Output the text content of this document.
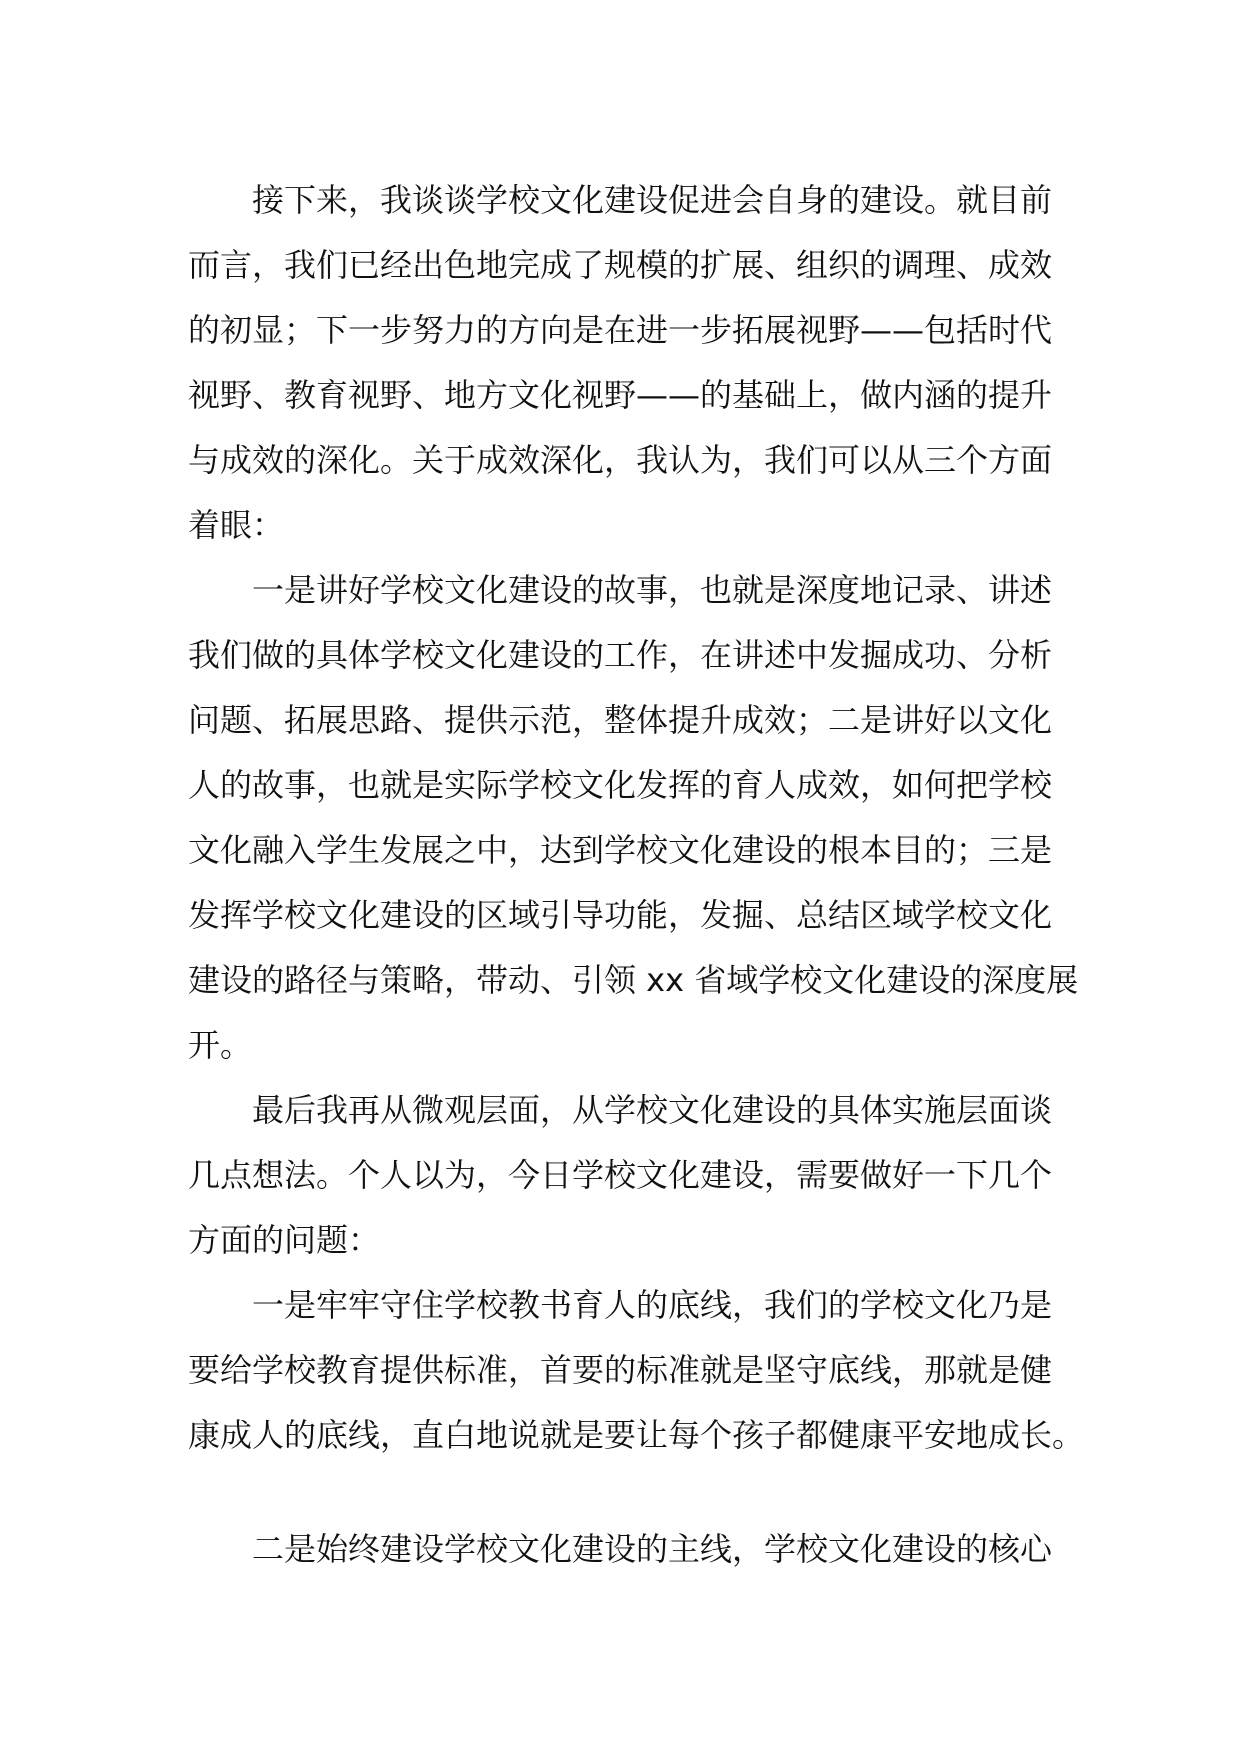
接下来，我谈谈学校文化建设促进会自身的建设。就目前
而言，我们已经出色地完成了规模的扩展、组织的调理、成效
的初显；下一步努力的方向是在进一步拓展视野——包括时代
视野、教育视野、地方文化视野——的基础上，做内涵的提升
与成效的深化。关于成效深化，我认为，我们可以从三个方面
着眼：
一是讲好学校文化建设的故事，也就是深度地记录、讲述
我们做的具体学校文化建设的工作，在讲述中发掘成功、分析
问题、拓展思路、提供示范，整体提升成效；二是讲好以文化
人的故事，也就是实际学校文化发挥的育人成效，如何把学校
文化融入学生发展之中，达到学校文化建设的根本目的；三是
发挥学校文化建设的区域引导功能，发掘、总结区域学校文化
建设的路径与策略，带动、引领 xx 省域学校文化建设的深度展
开。
最后我再从微观层面，从学校文化建设的具体实施层面谈
几点想法。个人以为，今日学校文化建设，需要做好一下几个
方面的问题：
一是牢牢守住学校教书育人的底线，我们的学校文化乃是
要给学校教育提供标准，首要的标准就是坚守底线，那就是健
康成人的底线，直白地说就是要让每个孩子都健康平安地成长。
二是始终建设学校文化建设的主线，学校文化建设的核心
